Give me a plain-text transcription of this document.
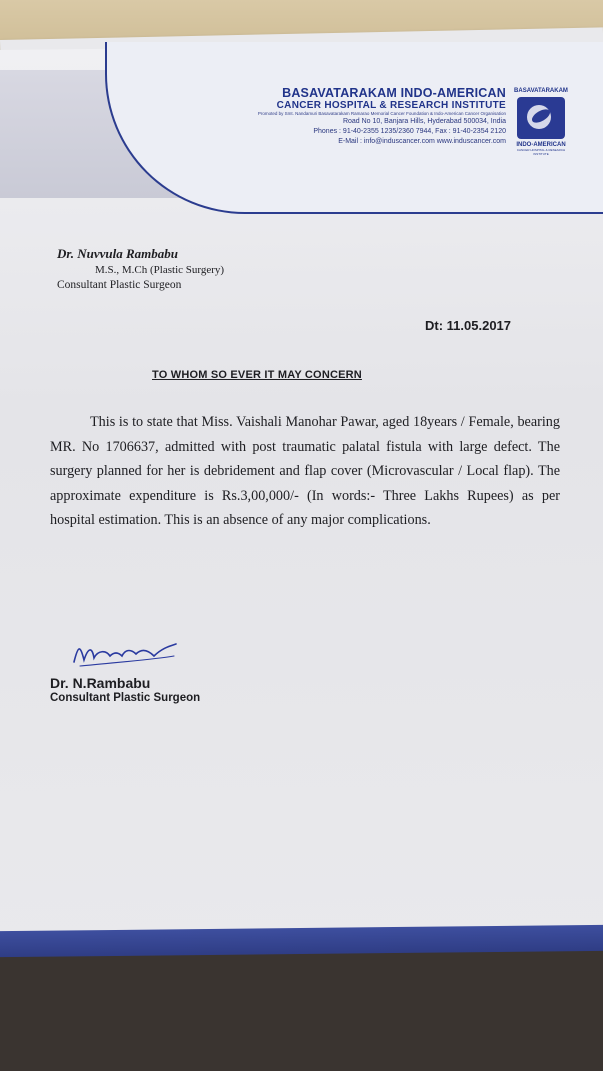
BASAVATARAKAM INDO-AMERICAN
CANCER HOSPITAL & RESEARCH INSTITUTE
Promoted by Smt. Nandamuri Basavatarakam Ramarao Memorial Cancer Foundation & Indo-American Cancer Organisation
Road No 10, Banjara Hills, Hyderabad 500034, India
Phones : 91-40-2355 1235/2360 7944, Fax : 91-40-2354 2120
E-Mail : info@induscancer.com www.induscancer.com
BASAVATARAKAM
INDO-AMERICAN
CANCER HOSPITAL & RESEARCH INSTITUTE
Dr. Nuvvula Rambabu
M.S., M.Ch (Plastic Surgery)
Consultant Plastic Surgeon
Dt: 11.05.2017
TO WHOM SO EVER IT MAY CONCERN
This is to state that Miss. Vaishali Manohar Pawar, aged 18years / Female, bearing MR. No 1706637, admitted with post traumatic palatal fistula with large defect. The surgery planned for her is debridement and flap cover (Microvascular / Local flap). The approximate expenditure is Rs.3,00,000/- (In words:- Three Lakhs Rupees) as per hospital estimation. This is an absence of any major complications.
Dr. N.Rambabu
Consultant Plastic Surgeon
